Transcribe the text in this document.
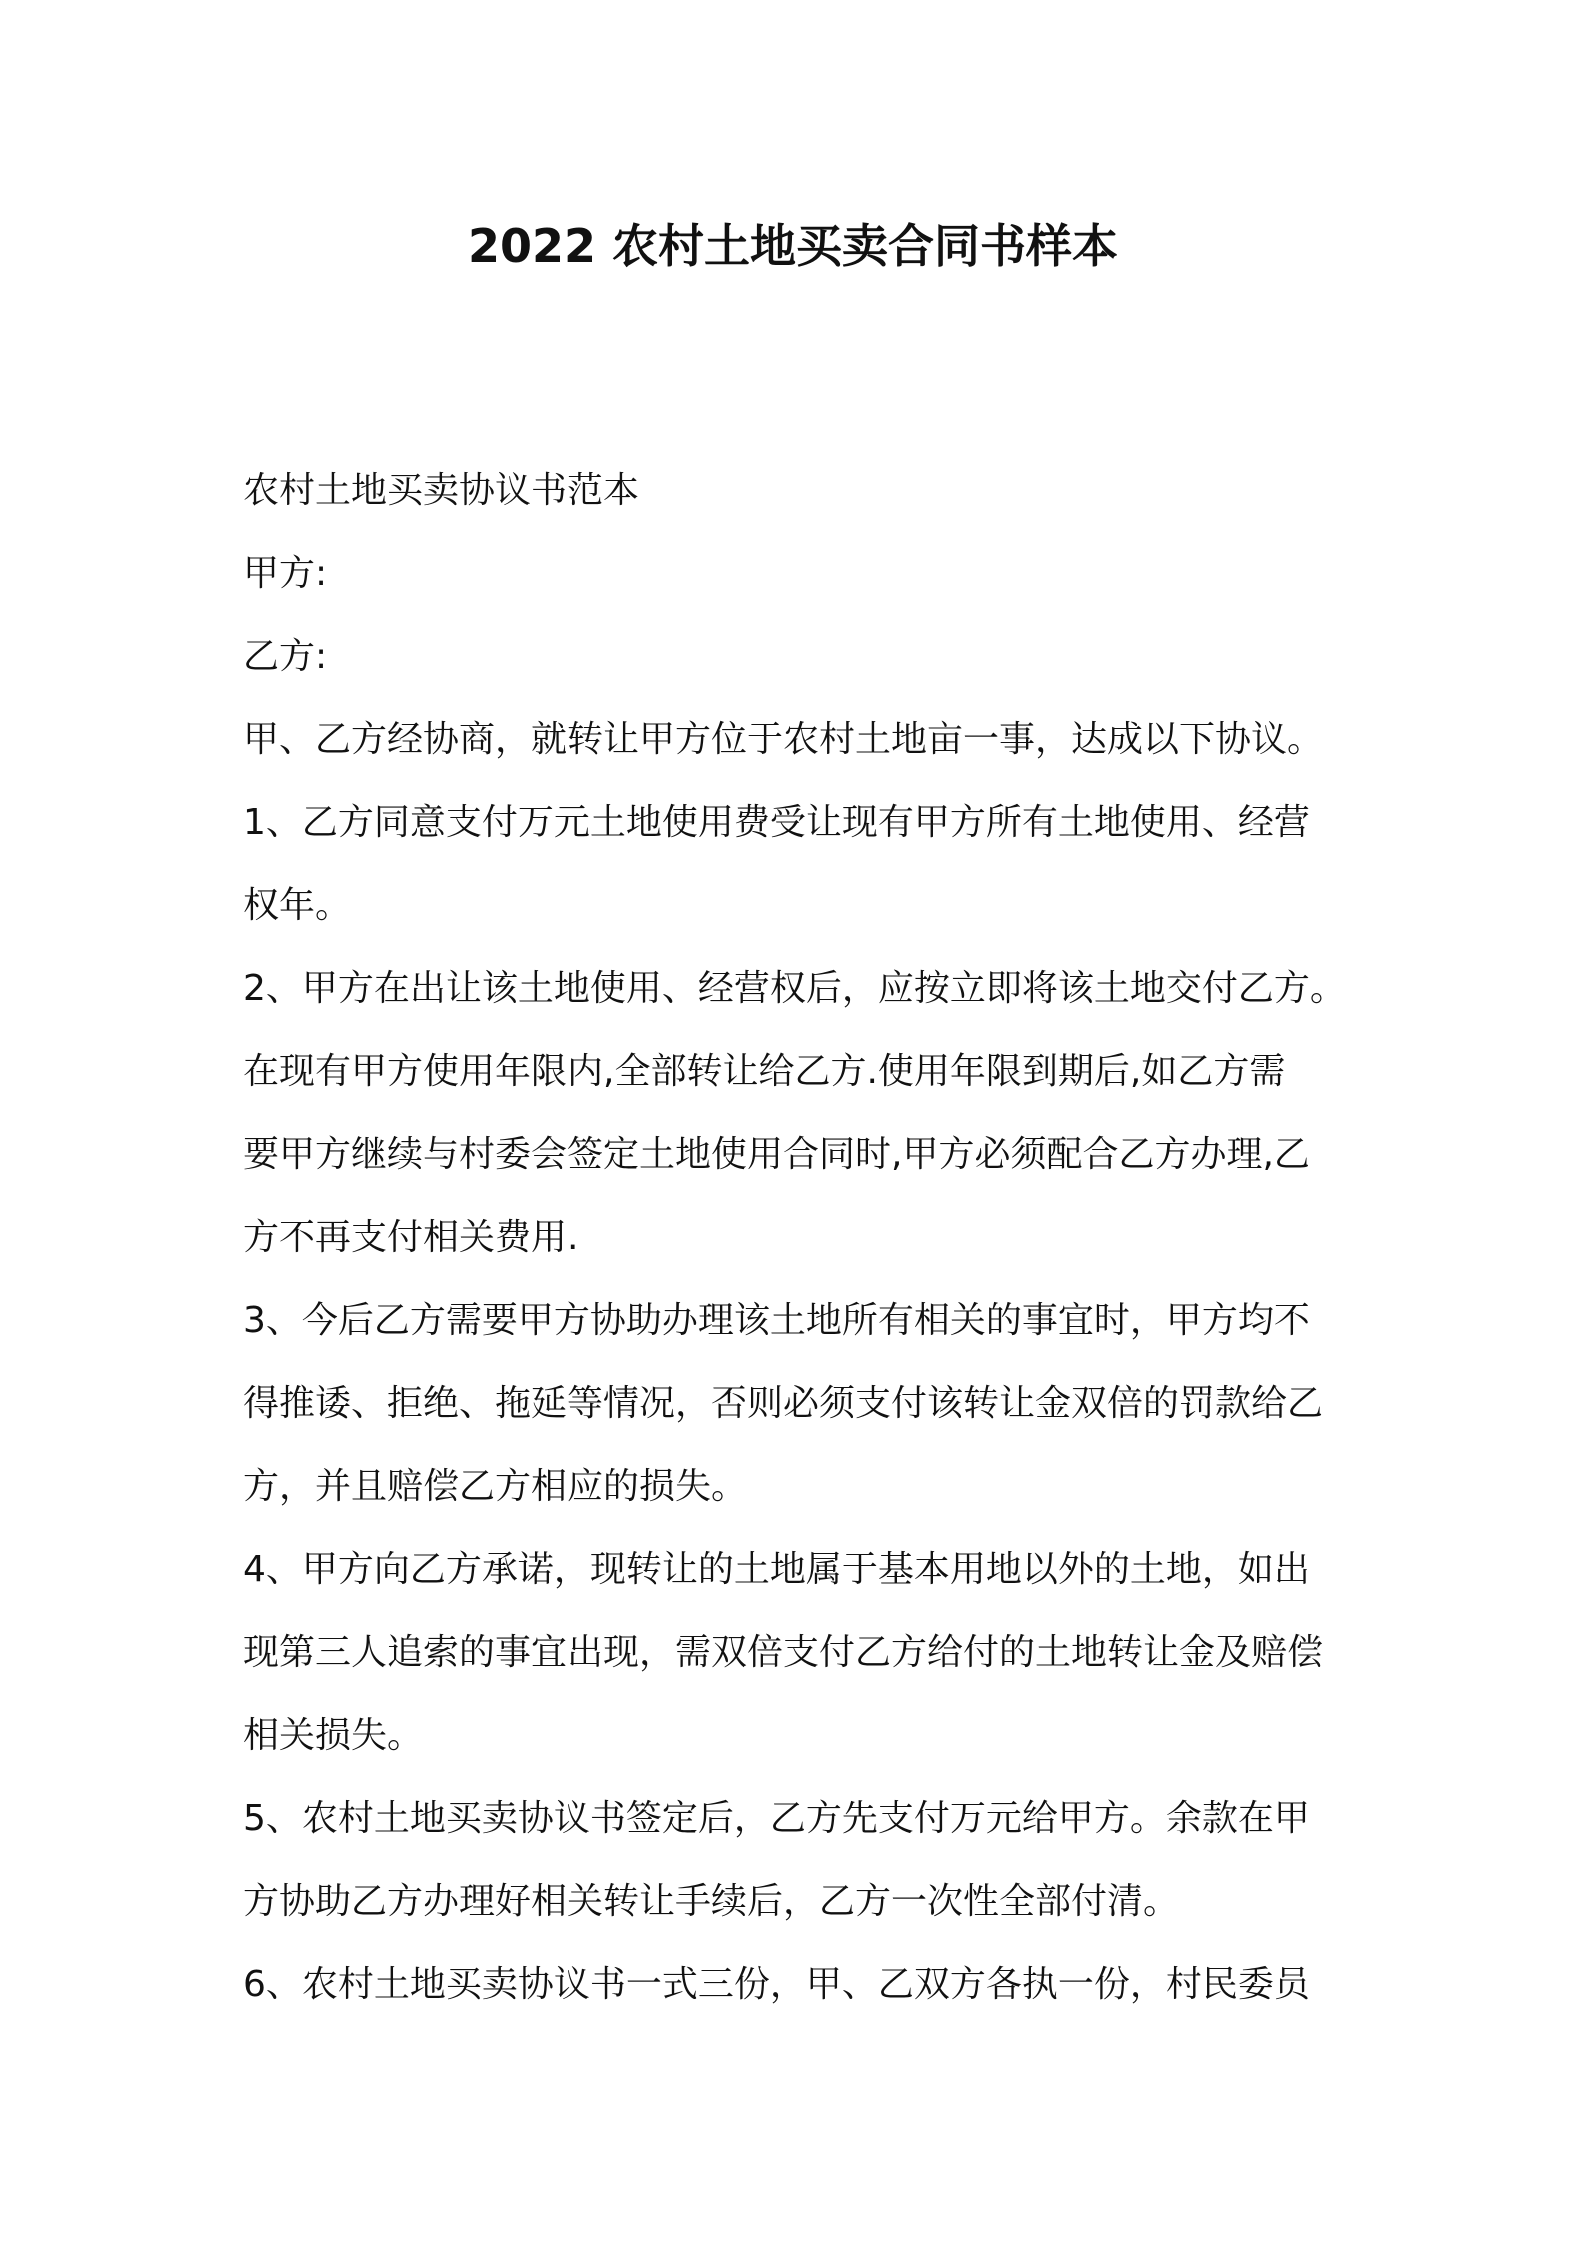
2022 农村土地买卖合同书样本

农村土地买卖协议书范本

甲方:

乙方:

甲、乙方经协商，就转让甲方位于农村土地亩一事，达成以下协议。

1、乙方同意支付万元土地使用费受让现有甲方所有土地使用、经营

权年。

2、甲方在出让该土地使用、经营权后，应按立即将该土地交付乙方。

在现有甲方使用年限内,全部转让给乙方.使用年限到期后,如乙方需

要甲方继续与村委会签定土地使用合同时,甲方必须配合乙方办理,乙

方不再支付相关费用.

3、今后乙方需要甲方协助办理该土地所有相关的事宜时，甲方均不

得推诿、拒绝、拖延等情况，否则必须支付该转让金双倍的罚款给乙

方，并且赔偿乙方相应的损失。

4、甲方向乙方承诺，现转让的土地属于基本用地以外的土地，如出

现第三人追索的事宜出现，需双倍支付乙方给付的土地转让金及赔偿

相关损失。

5、农村土地买卖协议书签定后，乙方先支付万元给甲方。余款在甲

方协助乙方办理好相关转让手续后，乙方一次性全部付清。

6、农村土地买卖协议书一式三份，甲、乙双方各执一份，村民委员
